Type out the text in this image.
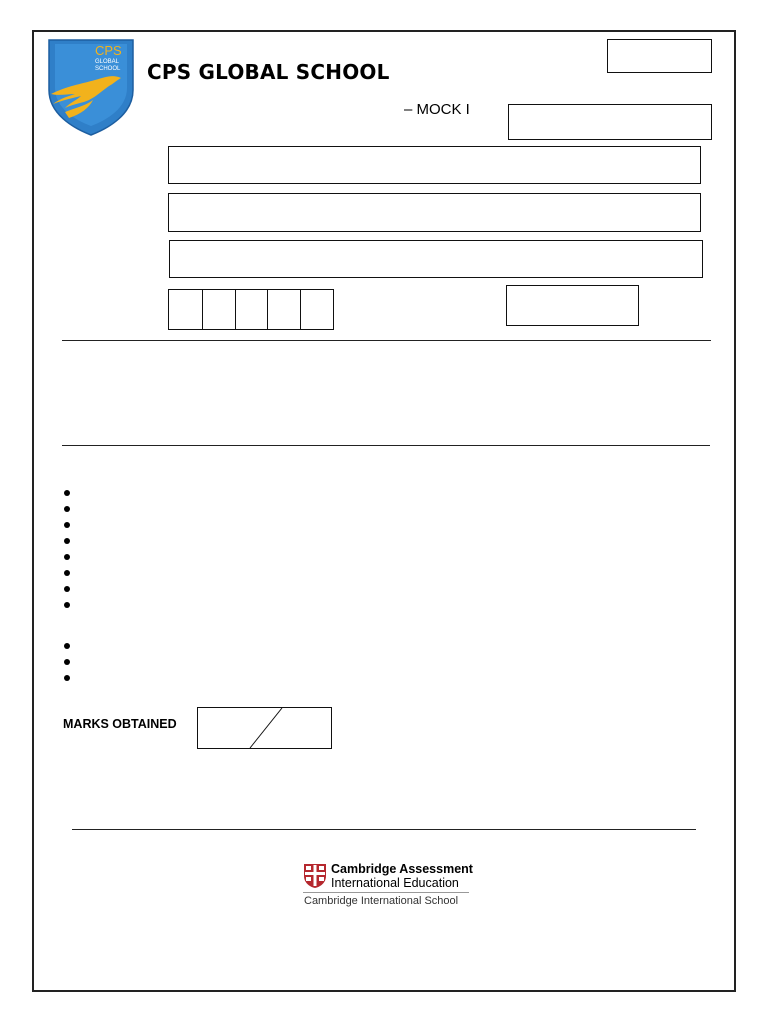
CPS
GLOBAL
SCHOOL CPS GLOBAL SCHOOL
– MOCK I
MARKS OBTAINED
Cambridge Assessment
International Education
Cambridge International School
